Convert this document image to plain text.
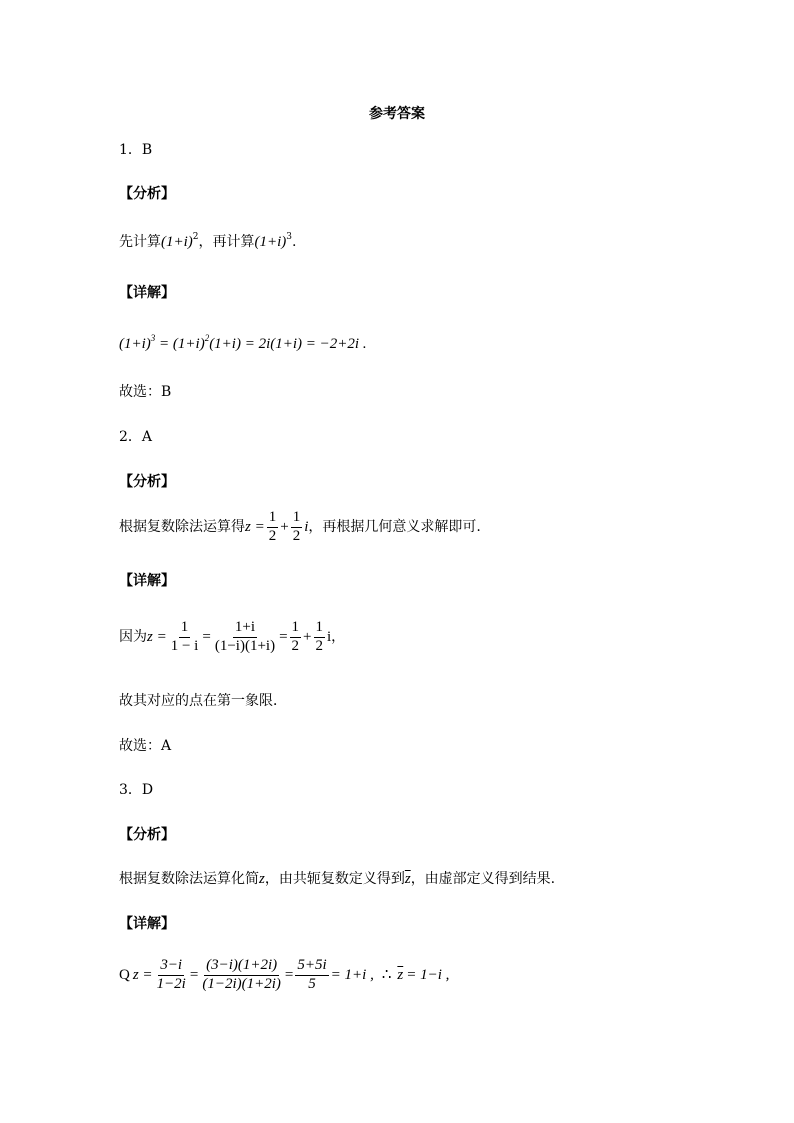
参考答案
1．B
【分析】
先计算$(1+i)^2$，再计算$(1+i)^3$.
【详解】
$(1+i)^3 = (1+i)^2(1+i) = 2i(1+i) = -2+2i$ .
故选：B
2．A
【分析】
根据复数除法运算得 $z = \frac{1}{2} + \frac{1}{2}$ i ，再根据几何意义求解即可.
【详解】
因为 $z = \frac{1}{1 - i} = \frac{1+i}{(1-i)(1+i)} = \frac{1}{2} + \frac{1}{2}$ i ，
故其对应的点在第一象限．
故选：A
3．D
【分析】
根据复数除法运算化简z，由共轭复数定义得到$\overline{z}$，由虚部定义得到结果.
【详解】
Q $z = \frac{3-i}{1-2i} = \frac{(3-i)(1+2i)}{(1-2i)(1+2i)} = \frac{5+5i}{5} = 1+i$ , ∴ $\overline{z} = 1-i$ ,
